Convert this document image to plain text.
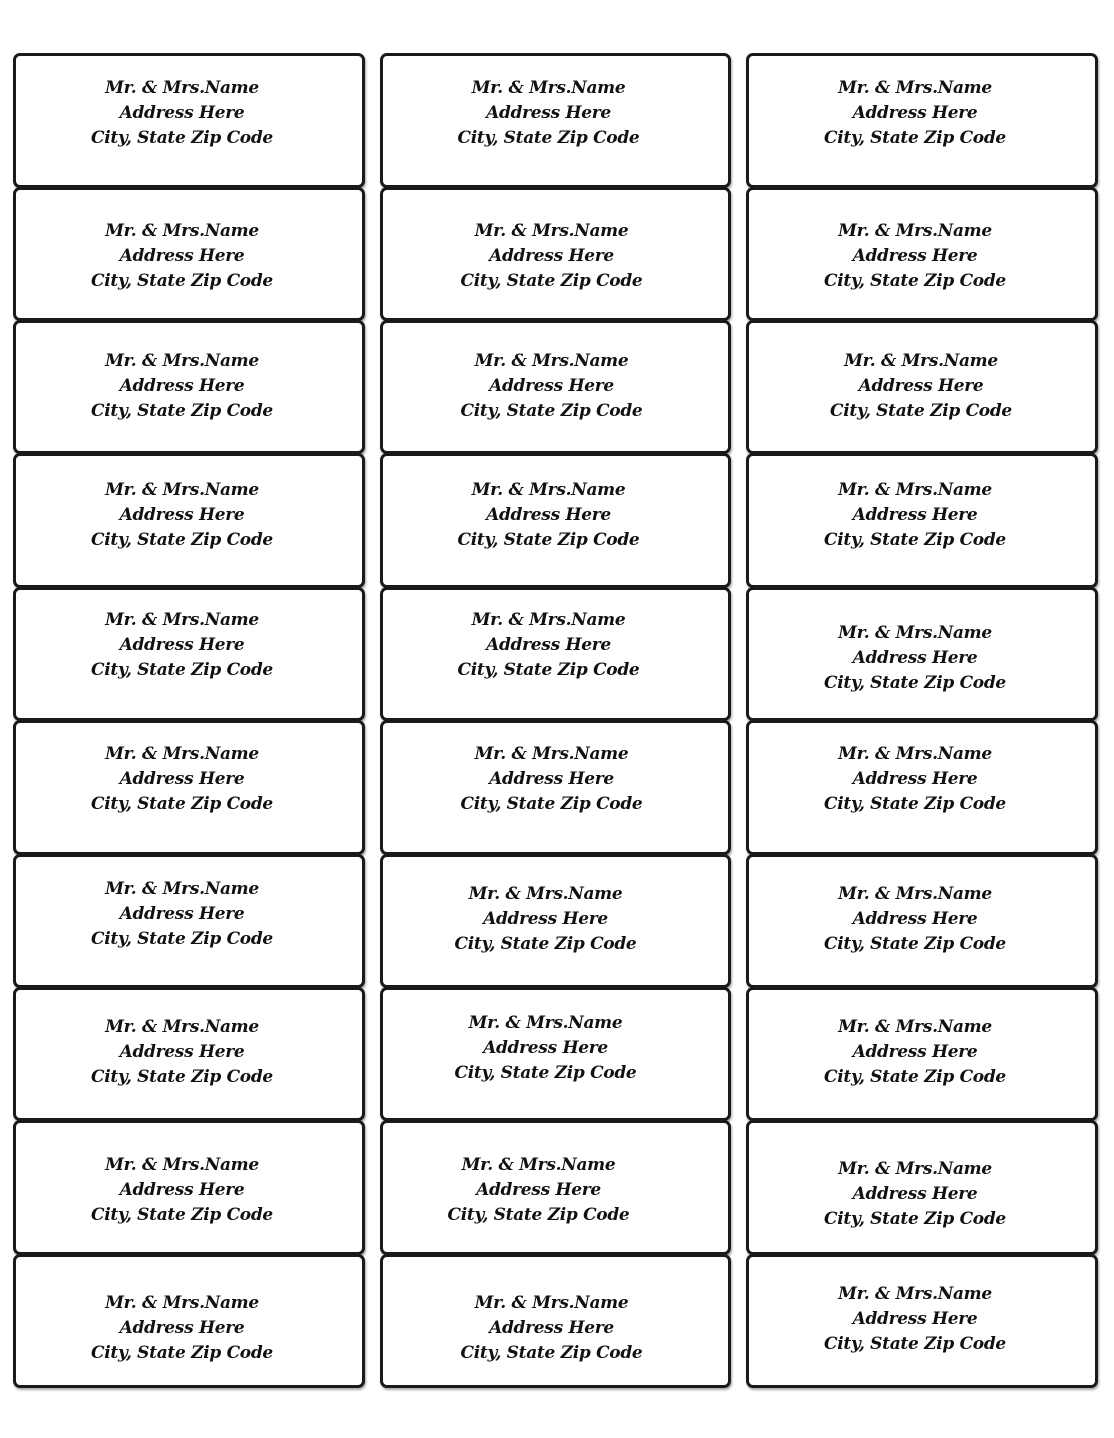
Mr. & Mrs.Name
Address Here
City, State Zip Code
Mr. & Mrs.Name
Address Here
City, State Zip Code
Mr. & Mrs.Name
Address Here
City, State Zip Code
Mr. & Mrs.Name
Address Here
City, State Zip Code
Mr. & Mrs.Name
Address Here
City, State Zip Code
Mr. & Mrs.Name
Address Here
City, State Zip Code
Mr. & Mrs.Name
Address Here
City, State Zip Code
Mr. & Mrs.Name
Address Here
City, State Zip Code
Mr. & Mrs.Name
Address Here
City, State Zip Code
Mr. & Mrs.Name
Address Here
City, State Zip Code
Mr. & Mrs.Name
Address Here
City, State Zip Code
Mr. & Mrs.Name
Address Here
City, State Zip Code
Mr. & Mrs.Name
Address Here
City, State Zip Code
Mr. & Mrs.Name
Address Here
City, State Zip Code
Mr. & Mrs.Name
Address Here
City, State Zip Code
Mr. & Mrs.Name
Address Here
City, State Zip Code
Mr. & Mrs.Name
Address Here
City, State Zip Code
Mr. & Mrs.Name
Address Here
City, State Zip Code
Mr. & Mrs.Name
Address Here
City, State Zip Code
Mr. & Mrs.Name
Address Here
City, State Zip Code
Mr. & Mrs.Name
Address Here
City, State Zip Code
Mr. & Mrs.Name
Address Here
City, State Zip Code
Mr. & Mrs.Name
Address Here
City, State Zip Code
Mr. & Mrs.Name
Address Here
City, State Zip Code
Mr. & Mrs.Name
Address Here
City, State Zip Code
Mr. & Mrs.Name
Address Here
City, State Zip Code
Mr. & Mrs.Name
Address Here
City, State Zip Code
Mr. & Mrs.Name
Address Here
City, State Zip Code
Mr. & Mrs.Name
Address Here
City, State Zip Code
Mr. & Mrs.Name
Address Here
City, State Zip Code
